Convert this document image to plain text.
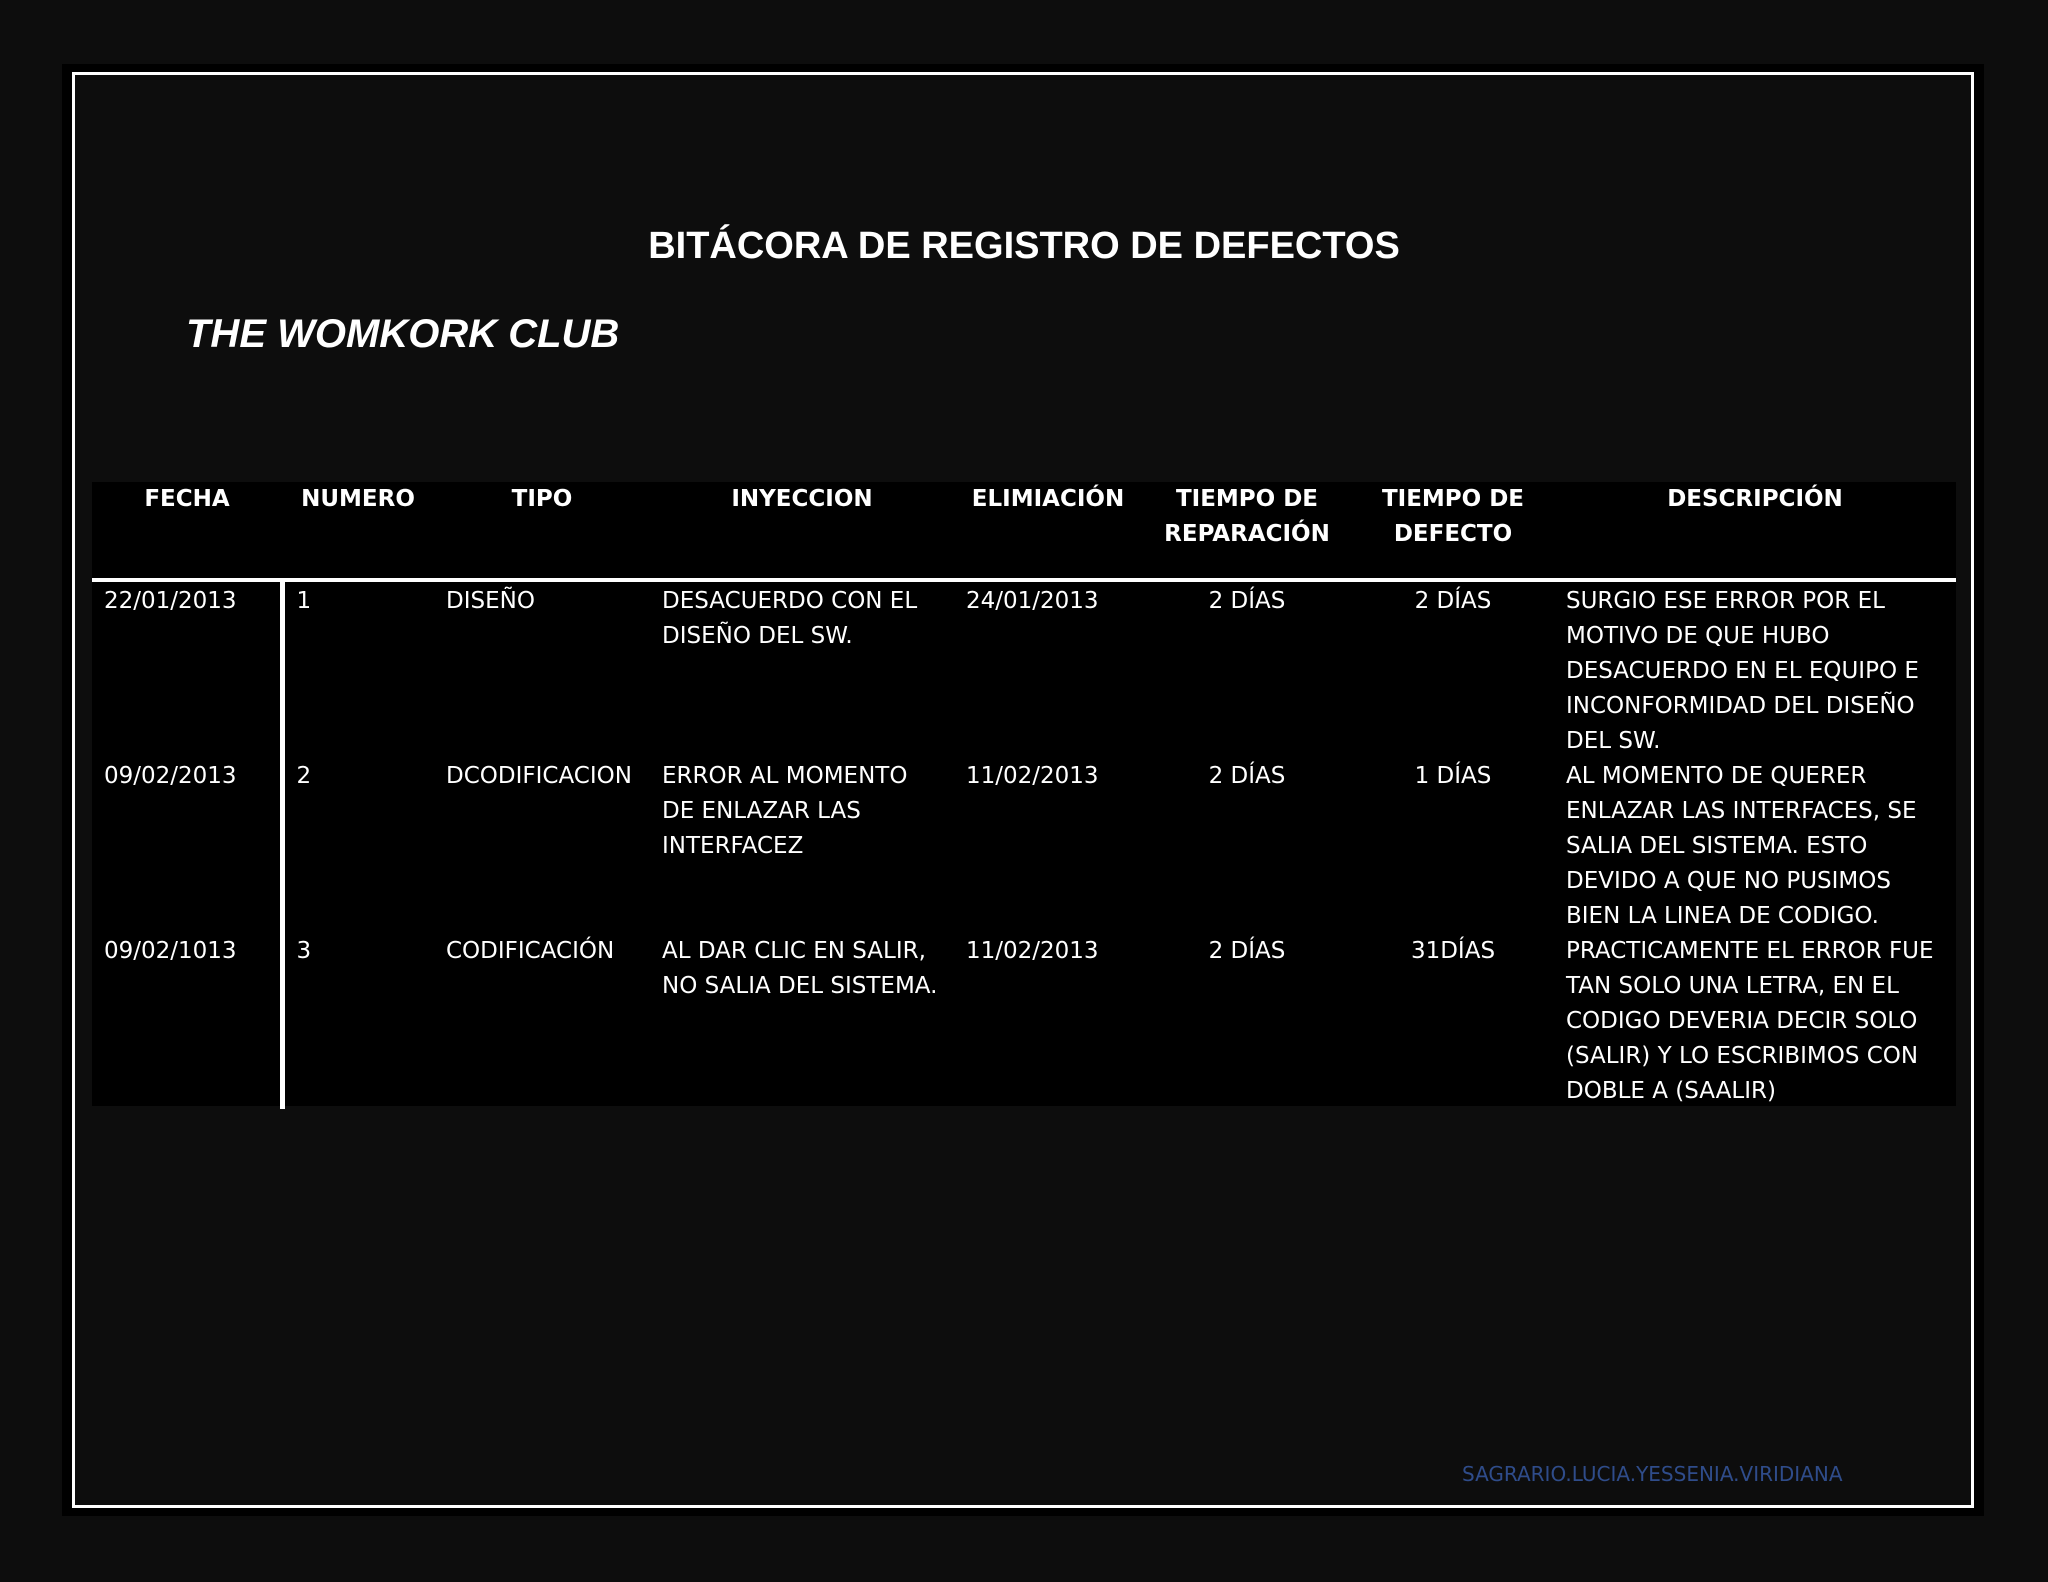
BITÁCORA DE REGISTRO DE DEFECTOS
THE WOMKORK CLUB
FECHA	NUMERO	TIPO	INYECCION	ELIMIACIÓN	TIEMPO DE REPARACIÓN	TIEMPO DE DEFECTO	DESCRIPCIÓN
22/01/2013	1	DISEÑO	DESACUERDO CON EL DISEÑO DEL SW.	24/01/2013	2 DÍAS	2 DÍAS	SURGIO ESE ERROR POR EL MOTIVO DE QUE HUBO DESACUERDO EN EL EQUIPO E INCONFORMIDAD DEL DISEÑO DEL SW.
09/02/2013	2	DCODIFICACION	ERROR AL MOMENTO DE ENLAZAR LAS INTERFACEZ	11/02/2013	2 DÍAS	1 DÍAS	AL MOMENTO DE QUERER ENLAZAR LAS INTERFACES, SE SALIA DEL SISTEMA. ESTO DEVIDO A QUE NO PUSIMOS BIEN LA LINEA DE CODIGO.
09/02/1013	3	CODIFICACIÓN	AL DAR CLIC EN SALIR, NO SALIA DEL SISTEMA.	11/02/2013	2 DÍAS	31DÍAS	PRACTICAMENTE EL ERROR FUE TAN SOLO UNA LETRA, EN EL CODIGO DEVERIA DECIR SOLO (SALIR) Y LO ESCRIBIMOS CON DOBLE A (SAALIR)
SAGRARIO.LUCIA.YESSENIA.VIRIDIANA
